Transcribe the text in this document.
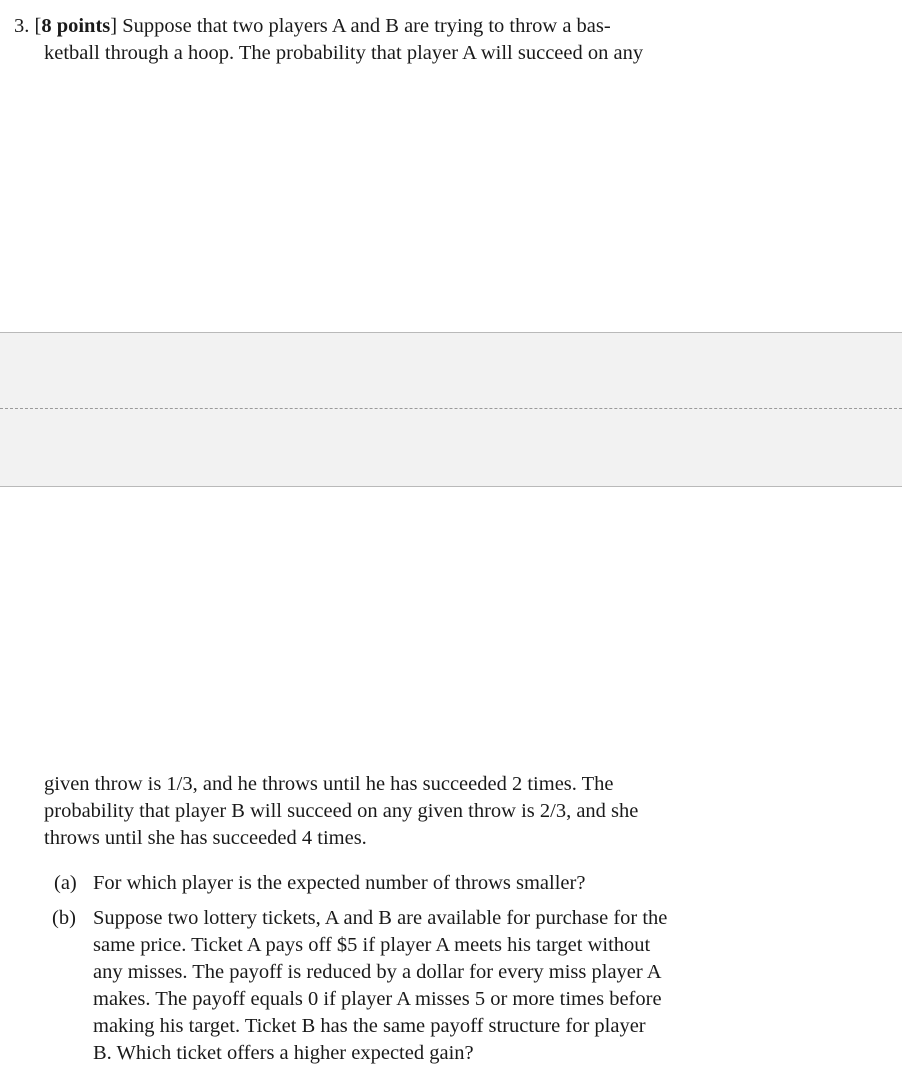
3. [8 points] Suppose that two players A and B are trying to throw a bas-
ketball through a hoop. The probability that player A will succeed on any
given throw is 1/3, and he throws until he has succeeded 2 times. The
probability that player B will succeed on any given throw is 2/3, and she
throws until she has succeeded 4 times.
(a) For which player is the expected number of throws smaller?
(b) Suppose two lottery tickets, A and B are available for purchase for the
same price. Ticket A pays off $5 if player A meets his target without
any misses. The payoff is reduced by a dollar for every miss player A
makes. The payoff equals 0 if player A misses 5 or more times before
making his target. Ticket B has the same payoff structure for player
B. Which ticket offers a higher expected gain?
